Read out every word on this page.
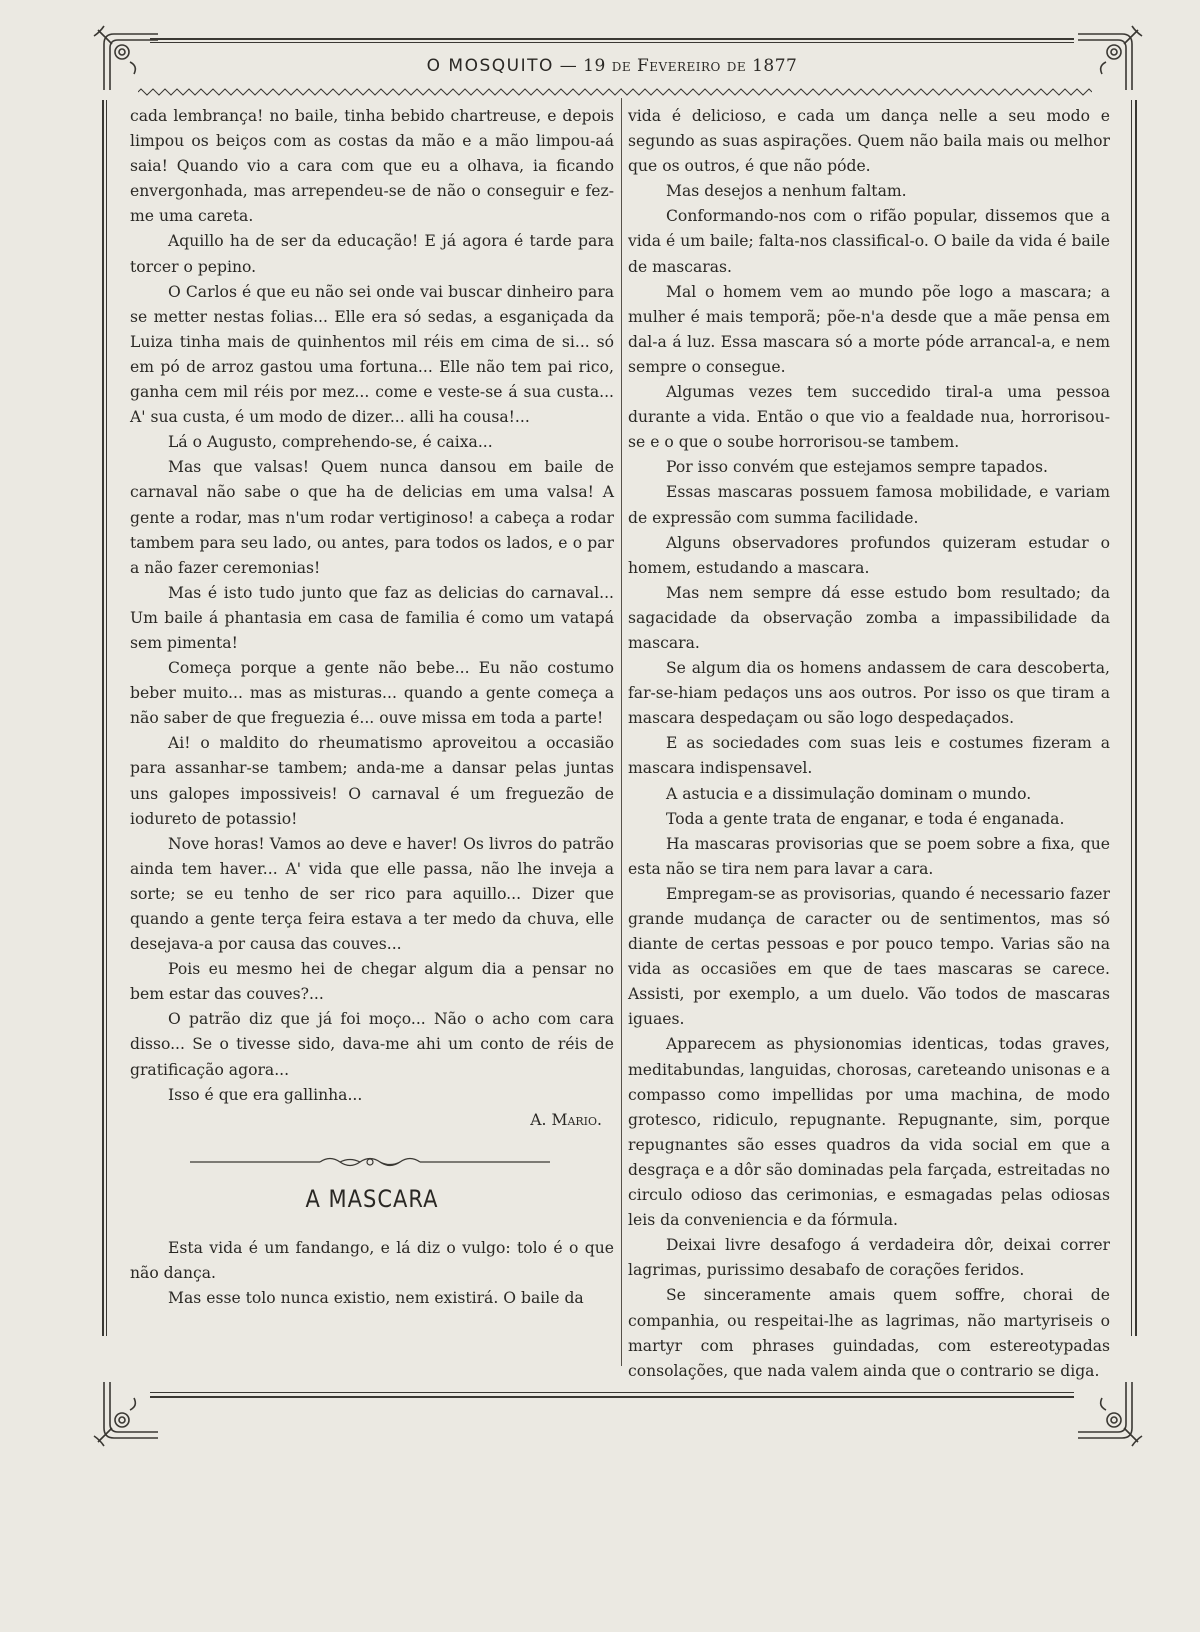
O MOSQUITO — 19 de Fevereiro de 1877

cada lembrança! no baile, tinha bebido chartreuse, e depois limpou os beiços com as costas da mão e a mão limpou-aá saia! Quando vio a cara com que eu a olhava, ia ficando envergonhada, mas arrependeu-se de não o conseguir e fez-me uma careta.

Aquillo ha de ser da educação! E já agora é tarde para torcer o pepino.

O Carlos é que eu não sei onde vai buscar dinheiro para se metter nestas folias... Elle era só sedas, a esganiçada da Luiza tinha mais de quinhentos mil réis em cima de si... só em pó de arroz gastou uma fortuna... Elle não tem pai rico, ganha cem mil réis por mez... come e veste-se á sua custa... A' sua custa, é um modo de dizer... alli ha cousa!...

Lá o Augusto, comprehendo-se, é caixa...

Mas que valsas! Quem nunca dansou em baile de carnaval não sabe o que ha de delicias em uma valsa! A gente a rodar, mas n'um rodar vertiginoso! a cabeça a rodar tambem para seu lado, ou antes, para todos os lados, e o par a não fazer ceremonias!

Mas é isto tudo junto que faz as delicias do carnaval... Um baile á phantasia em casa de familia é como um vatapá sem pimenta!

Começa porque a gente não bebe... Eu não costumo beber muito... mas as misturas... quando a gente começa a não saber de que freguezia é... ouve missa em toda a parte!

Ai! o maldito do rheumatismo aproveitou a occasião para assanhar-se tambem; anda-me a dansar pelas juntas uns galopes impossiveis! O carnaval é um freguezão de iodureto de potassio!

Nove horas! Vamos ao deve e haver! Os livros do patrão ainda tem haver... A' vida que elle passa, não lhe inveja a sorte; se eu tenho de ser rico para aquillo... Dizer que quando a gente terça feira estava a ter medo da chuva, elle desejava-a por causa das couves...

Pois eu mesmo hei de chegar algum dia a pensar no bem estar das couves?...

O patrão diz que já foi moço... Não o acho com cara disso... Se o tivesse sido, dava-me ahi um conto de réis de gratificação agora...

Isso é que era gallinha...

A. Mario.

A MASCARA

Esta vida é um fandango, e lá diz o vulgo: tolo é o que não dança.

Mas esse tolo nunca existio, nem existirá. O baile da

vida é delicioso, e cada um dança nelle a seu modo e segundo as suas aspirações. Quem não baila mais ou melhor que os outros, é que não póde.

Mas desejos a nenhum faltam.

Conformando-nos com o rifão popular, dissemos que a vida é um baile; falta-nos classifical-o. O baile da vida é baile de mascaras.

Mal o homem vem ao mundo põe logo a mascara; a mulher é mais temporã; põe-n'a desde que a mãe pensa em dal-a á luz. Essa mascara só a morte póde arrancal-a, e nem sempre o consegue.

Algumas vezes tem succedido tiral-a uma pessoa durante a vida. Então o que vio a fealdade nua, horrorisou-se e o que o soube horrorisou-se tambem.

Por isso convém que estejamos sempre tapados.

Essas mascaras possuem famosa mobilidade, e variam de expressão com summa facilidade.

Alguns observadores profundos quizeram estudar o homem, estudando a mascara.

Mas nem sempre dá esse estudo bom resultado; da sagacidade da observação zomba a impassibilidade da mascara.

Se algum dia os homens andassem de cara descoberta, far-se-hiam pedaços uns aos outros. Por isso os que tiram a mascara despedaçam ou são logo despedaçados.

E as sociedades com suas leis e costumes fizeram a mascara indispensavel.

A astucia e a dissimulação dominam o mundo.

Toda a gente trata de enganar, e toda é enganada.

Ha mascaras provisorias que se poem sobre a fixa, que esta não se tira nem para lavar a cara.

Empregam-se as provisorias, quando é necessario fazer grande mudança de caracter ou de sentimentos, mas só diante de certas pessoas e por pouco tempo. Varias são na vida as occasiões em que de taes mascaras se carece. Assisti, por exemplo, a um duelo. Vão todos de mascaras iguaes.

Apparecem as physionomias identicas, todas graves, meditabundas, languidas, chorosas, careteando unisonas e a compasso como impellidas por uma machina, de modo grotesco, ridiculo, repugnante. Repugnante, sim, porque repugnantes são esses quadros da vida social em que a desgraça e a dôr são dominadas pela farçada, estreitadas no circulo odioso das cerimonias, e esmagadas pelas odiosas leis da conveniencia e da fórmula.

Deixai livre desafogo á verdadeira dôr, deixai correr lagrimas, purissimo desabafo de corações feridos.

Se sinceramente amais quem soffre, chorai de companhia, ou respeitai-lhe as lagrimas, não martyriseis o martyr com phrases guindadas, com estereotypadas consolações, que nada valem ainda que o contrario se diga.
